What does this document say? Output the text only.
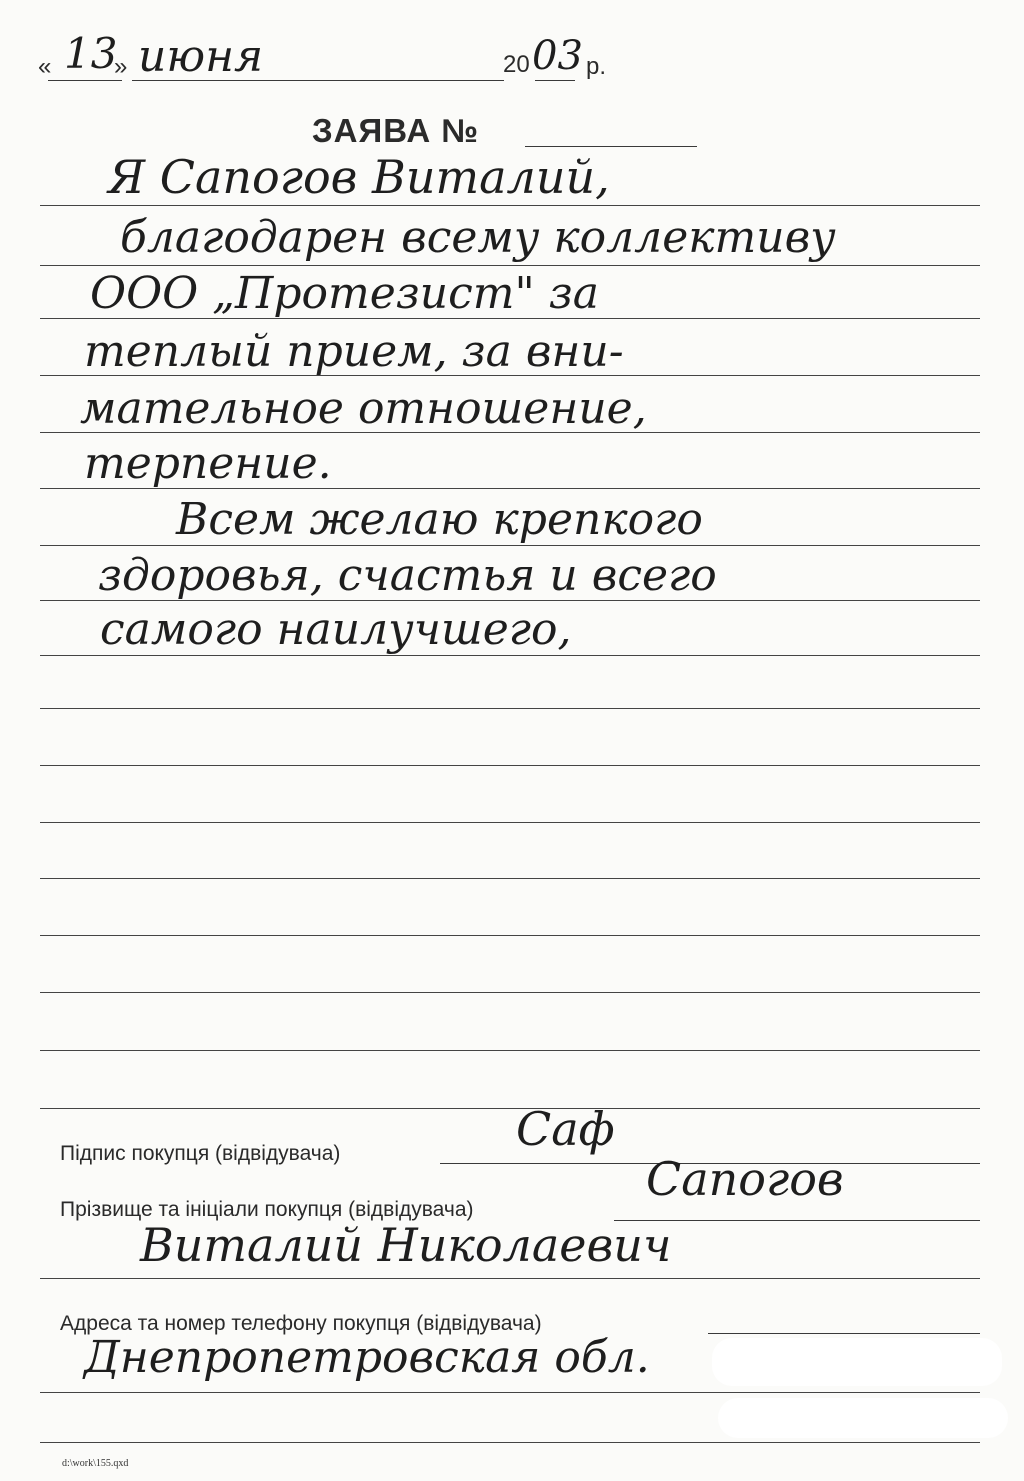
« 13
» июня	20 03 р.
ЗАЯВА №
Я Сапогов Виталий,
благодарен всему коллективу
ООО „Протезист" за
теплый прием, за вни-
мательное отношение,
терпение.
Всем желаю крепкого
здоровья, счастья и всего
самого наилучшего,
Підпис покупця (відвідувача)	Саф
Прізвище та ініціали покупця (відвідувача)
Сапогов
Виталий Николаевич
Адреса та номер телефону покупця (відвідувача)
Днепропетровская обл.
d:\work\155.qxd
